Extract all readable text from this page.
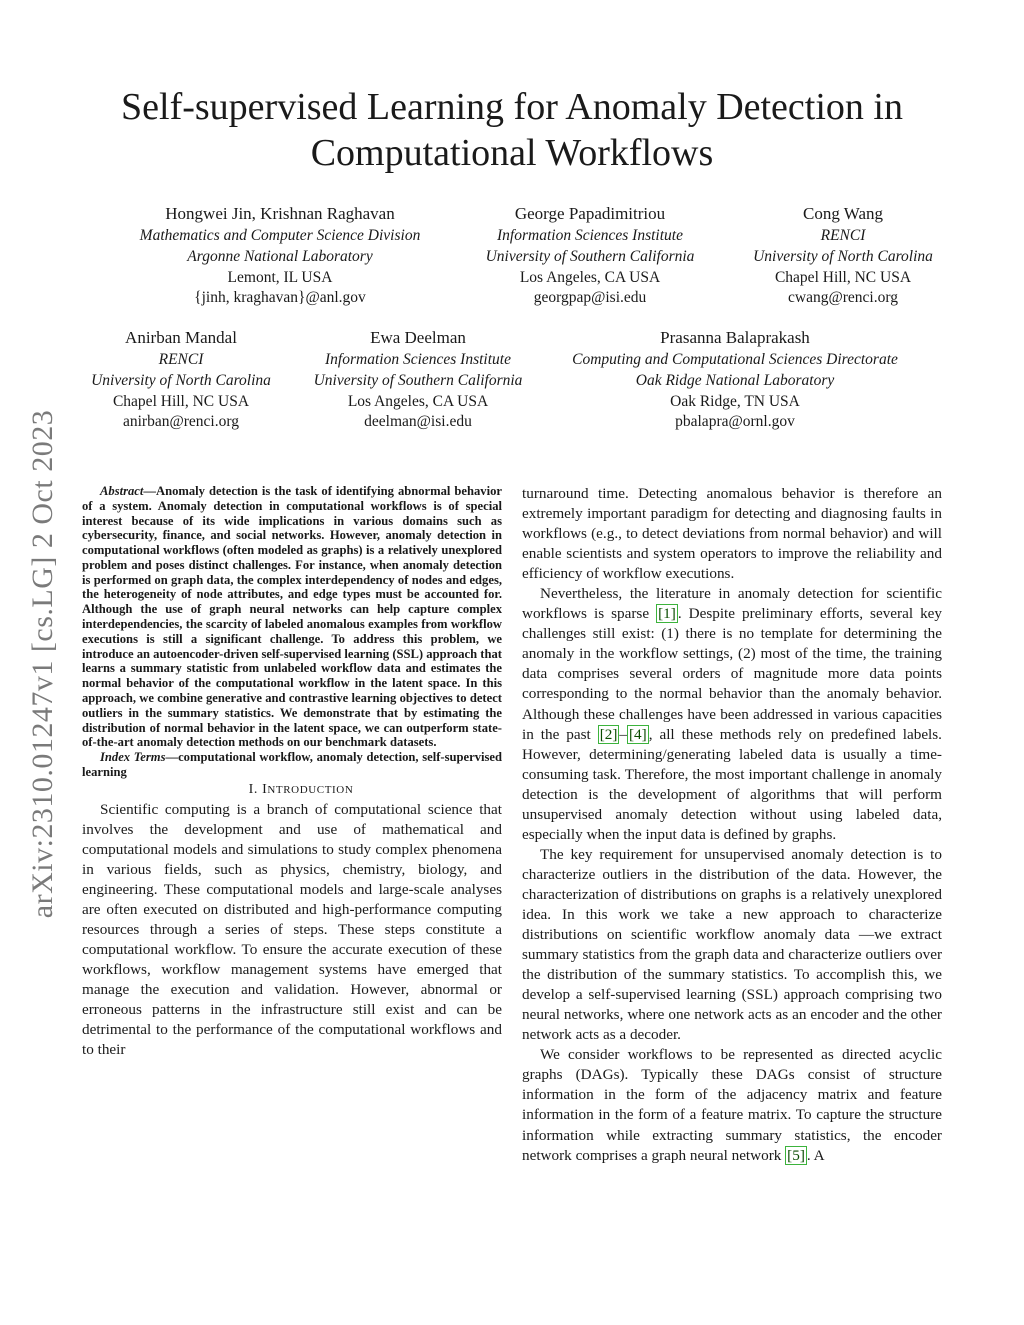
arXiv:2310.01247v1 [cs.LG] 2 Oct 2023
Self-supervised Learning for Anomaly Detection in Computational Workflows
Hongwei Jin, Krishnan Raghavan
Mathematics and Computer Science Division
Argonne National Laboratory
Lemont, IL USA
{jinh, kraghavan}@anl.gov
George Papadimitriou
Information Sciences Institute
University of Southern California
Los Angeles, CA USA
georgpap@isi.edu
Cong Wang
RENCI
University of North Carolina
Chapel Hill, NC USA
cwang@renci.org
Anirban Mandal
RENCI
University of North Carolina
Chapel Hill, NC USA
anirban@renci.org
Ewa Deelman
Information Sciences Institute
University of Southern California
Los Angeles, CA USA
deelman@isi.edu
Prasanna Balaprakash
Computing and Computational Sciences Directorate
Oak Ridge National Laboratory
Oak Ridge, TN USA
pbalapra@ornl.gov

Abstract—Anomaly detection is the task of identifying abnormal behavior of a system. Anomaly detection in computational workflows is of special interest because of its wide implications in various domains such as cybersecurity, finance, and social networks. However, anomaly detection in computational workflows (often modeled as graphs) is a relatively unexplored problem and poses distinct challenges. For instance, when anomaly detection is performed on graph data, the complex interdependency of nodes and edges, the heterogeneity of node attributes, and edge types must be accounted for. Although the use of graph neural networks can help capture complex interdependencies, the scarcity of labeled anomalous examples from workflow executions is still a significant challenge. To address this problem, we introduce an autoencoder-driven self-supervised learning (SSL) approach that learns a summary statistic from unlabeled workflow data and estimates the normal behavior of the computational workflow in the latent space. In this approach, we combine generative and contrastive learning objectives to detect outliers in the summary statistics. We demonstrate that by estimating the distribution of normal behavior in the latent space, we can outperform state-of-the-art anomaly detection methods on our benchmark datasets.

Index Terms—computational workflow, anomaly detection, self-supervised learning

I. INTRODUCTION

Scientific computing is a branch of computational science that involves the development and use of mathematical and computational models and simulations to study complex phenomena in various fields, such as physics, chemistry, biology, and engineering. These computational models and large-scale analyses are often executed on distributed and high-performance computing resources through a series of steps. These steps constitute a computational workflow. To ensure the accurate execution of these workflows, workflow management systems have emerged that manage the execution and validation. However, abnormal or erroneous patterns in the infrastructure still exist and can be detrimental to the performance of the computational workflows and to their

turnaround time. Detecting anomalous behavior is therefore an extremely important paradigm for detecting and diagnosing faults in workflows (e.g., to detect deviations from normal behavior) and will enable scientists and system operators to improve the reliability and efficiency of workflow executions.

Nevertheless, the literature in anomaly detection for scientific workflows is sparse [1] . Despite preliminary efforts, several key challenges still exist: (1) there is no template for determining the anomaly in the workflow settings, (2) most of the time, the training data comprises several orders of magnitude more data points corresponding to the normal behavior than the anomaly behavior. Although these challenges have been addressed in various capacities in the past [2] – [4] , all these methods rely on predefined labels. However, determining/generating labeled data is usually a time-consuming task. Therefore, the most important challenge in anomaly detection is the development of algorithms that will perform unsupervised anomaly detection without using labeled data, especially when the input data is defined by graphs.

The key requirement for unsupervised anomaly detection is to characterize outliers in the distribution of the data. However, the characterization of distributions on graphs is a relatively unexplored idea. In this work we take a new approach to characterize distributions on scientific workflow anomaly data —we extract summary statistics from the graph data and characterize outliers over the distribution of the summary statistics. To accomplish this, we develop a self-supervised learning (SSL) approach comprising two neural networks, where one network acts as an encoder and the other network acts as a decoder.

We consider workflows to be represented as directed acyclic graphs (DAGs). Typically these DAGs consist of structure information in the form of the adjacency matrix and feature information in the form of a feature matrix. To capture the structure information while extracting summary statistics, the encoder network comprises a graph neural network [5] . A
